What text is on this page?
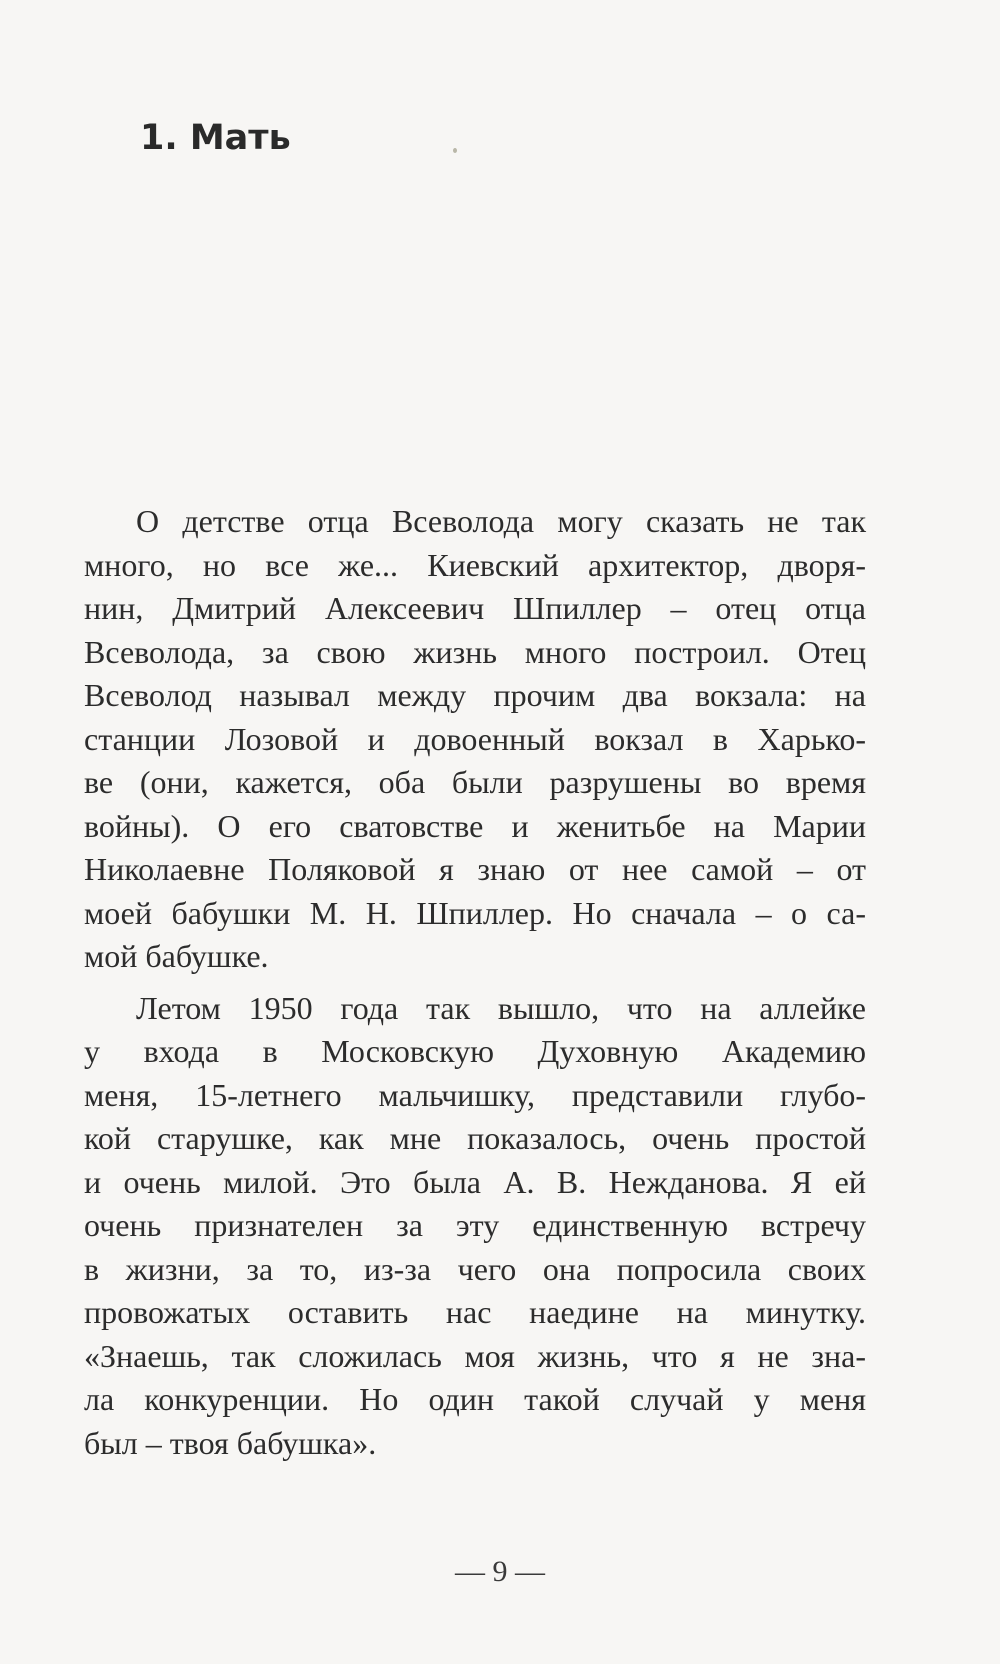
1. Мать
О детстве отца Всеволода могу сказать не так
много, но все же... Киевский архитектор, дворя-
нин, Дмитрий Алексеевич Шпиллер – отец отца
Всеволода, за свою жизнь много построил. Отец
Всеволод называл между прочим два вокзала: на
станции Лозовой и довоенный вокзал в Харько-
ве (они, кажется, оба были разрушены во время
войны). О его сватовстве и женитьбе на Марии
Николаевне Поляковой я знаю от нее самой – от
моей бабушки М. Н. Шпиллер. Но сначала – о са-
мой бабушке.
Летом 1950 года так вышло, что на аллейке
у входа в Московскую Духовную Академию
меня, 15-летнего мальчишку, представили глубо-
кой старушке, как мне показалось, очень простой
и очень милой. Это была А. В. Нежданова. Я ей
очень признателен за эту единственную встречу
в жизни, за то, из-за чего она попросила своих
провожатых оставить нас наедине на минутку.
«Знаешь, так сложилась моя жизнь, что я не зна-
ла конкуренции. Но один такой случай у меня
был – твоя бабушка».
— 9 —
